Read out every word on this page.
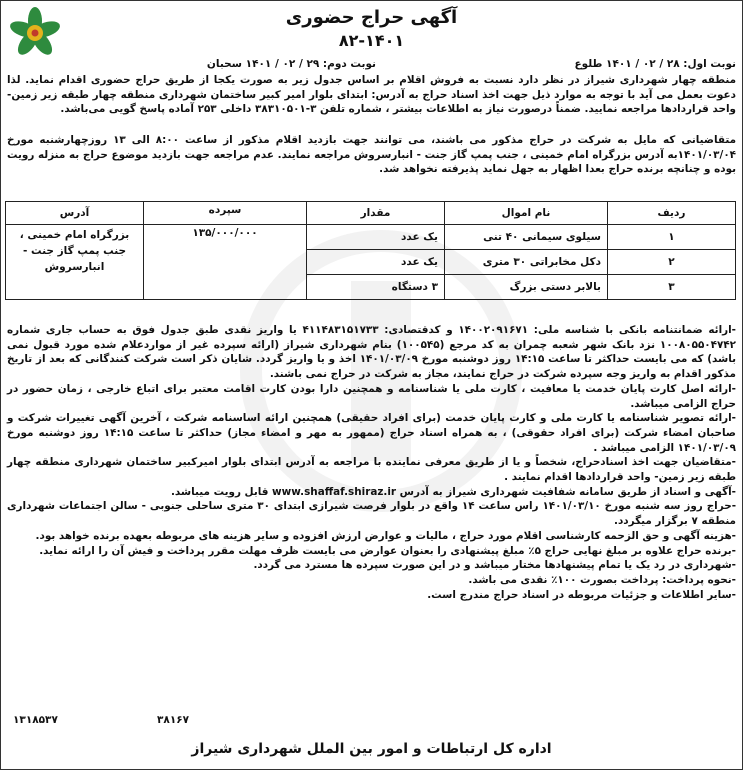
آگهی حراج حضوری
۸۲-۱۴۰۱
نوبت اول: ۲۸ / ۰۲ / ۱۴۰۱ طلوع
نوبت دوم: ۲۹ / ۰۲ / ۱۴۰۱ سحبان
منطقه چهار شهرداری شیراز در نظر دارد نسبت به فروش اقلام بر اساس جدول زیر به صورت یکجا از طریق حراج حضوری اقدام نماید. لذا دعوت بعمل می آید با توجه به موارد ذیل جهت اخذ اسناد حراج به آدرس: ابتدای بلوار امیر کبیر ساختمان شهرداری منطقه چهار طبقه زیر زمین- واحد قراردادها مراجعه نمایید. ضمناً درصورت نیاز به اطلاعات بیشتر ، شماره تلفن ۳-۳۸۳۱۰۵۰۱ داخلی ۲۵۳ آماده پاسخ گویی می‌باشد.
متقاضیانی که مایل به شرکت در حراج مذکور می باشند، می توانند جهت بازدید اقلام مذکور از ساعت ۸:۰۰ الی ۱۳ روزچهارشنبه مورخ ۱۴۰۱/۰۳/۰۴به آدرس بزرگراه امام خمینی ، جنب پمپ گاز جنت - انبارسروش مراجعه نمایند. عدم مراجعه جهت بازدید موضوع حراج به منزله رویت بوده و چنانچه برنده حراج بعدا اظهار به جهل نماید پذیرفته نخواهد شد.
ردیف	نام اموال	مقدار	سپرده	آدرس
۱	سیلوی سیمانی ۴۰ تنی	یک عدد	۱۳۵/۰۰۰/۰۰۰	بزرگراه امام خمینی ، جنب پمپ گاز جنت - انبارسروش
۲	دکل مخابراتی ۳۰ متری	یک عدد		
۳	بالابر دستی بزرگ	۳ دستگاه		

-ارائه ضمانتنامه بانکی با شناسه ملی: ۱۴۰۰۲۰۹۱۶۷۱ و کدقتصادی: ۴۱۱۴۸۳۱۵۱۷۳۳ یا واریز نقدی طبق جدول فوق به حساب جاری شماره ۱۰۰۸۰۵۵۰۴۷۴۲ نزد بانک شهر شعبه چمران به کد مرجع (۱۰۰۵۴۵) بنام شهرداری شیراز (ارائه سپرده غیر از مواردعلام شده مورد قبول نمی باشد) که می بایست حداکثر تا ساعت ۱۴:۱۵ روز دوشنبه مورخ ۱۴۰۱/۰۳/۰۹ اخذ و یا واریز گردد. شایان ذکر است شرکت کنندگانی که بعد از تاریخ مذکور اقدام به واریز وجه سپرده شرکت در حراج نمایند، مجاز به شرکت در حراج نمی باشند.

-ارائه اصل کارت پایان خدمت یا معافیت ، کارت ملی یا شناسنامه و همچنین دارا بودن کارت اقامت معتبر برای اتباع خارجی ، زمان حضور در حراج الزامی میباشد.

-ارائه تصویر شناسنامه یا کارت ملی و کارت پایان خدمت (برای افراد حقیقی) همچنین ارائه اساسنامه شرکت ، آخرین آگهی تغییرات شرکت و صاحبان امضاء شرکت (برای افراد حقوقی) ، به همراه اسناد حراج (ممهور به مهر و امضاء مجاز) حداکثر تا ساعت ۱۴:۱۵ روز دوشنبه مورخ ۱۴۰۱/۰۳/۰۹ الزامی میباشد .

-متقاضیان جهت اخذ اسنادحراج، شخصاً و یا از طریق معرفی نماینده با مراجعه به آدرس ابتدای بلوار امیرکبیر ساختمان شهرداری منطقه چهار طبقه زیر زمین- واحد قراردادها اقدام نمایند .

-آگهی و اسناد از طریق سامانه شفافیت شهرداری شیراز به آدرس www.shaffaf.shiraz.ir قابل رویت میباشد.

-حراج روز سه شنبه مورخ ۱۴۰۱/۰۳/۱۰ راس ساعت ۱۴ واقع در بلوار فرصت شیرازی ابتدای ۳۰ متری ساحلی جنوبی - سالن اجتماعات شهرداری منطقه ۷ برگزار میگردد.

-هزینه آگهی و حق الزحمه کارشناسی اقلام مورد حراج ، مالیات و عوارض ارزش افزوده و سایر هزینه های مربوطه بعهده برنده خواهد بود.

-برنده حراج علاوه بر مبلغ نهایی حراج ۵٪ مبلغ پیشنهادی را بعنوان عوارض می بایست ظرف مهلت مقرر پرداخت و فیش آن را ارائه نماید.

-شهرداری در رد یک یا تمام پیشنهادها مختار میباشد و در این صورت سپرده ها مسترد می گردد.

-نحوه پرداخت: پرداخت بصورت ۱۰۰٪ نقدی می باشد.

-سایر اطلاعات و جزئیات مربوطه در اسناد حراج مندرج است.

۱۳۱۸۵۳۷	۳۸۱۶۷
اداره کل ارتباطات و امور بین الملل شهرداری شیراز
